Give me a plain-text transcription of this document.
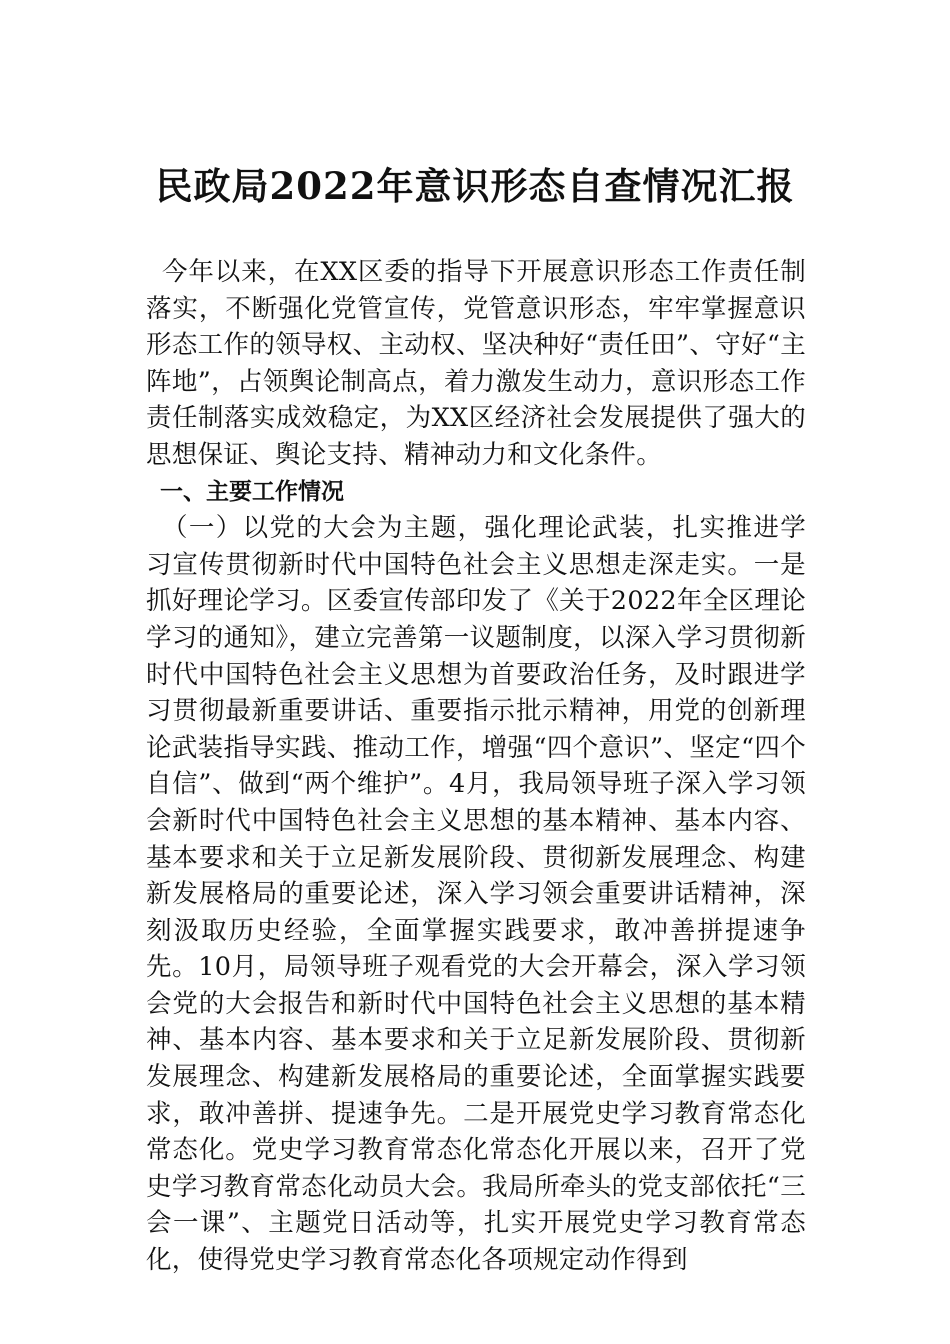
民政局2022年意识形态自查情况汇报

今年以来，在XX区委的指导下开展意识形态工作责任制落实，不断强化党管宣传，党管意识形态，牢牢掌握意识形态工作的领导权、主动权、坚决种好“责任田”、守好“主阵地”，占领舆论制高点，着力激发生动力，意识形态工作责任制落实成效稳定，为XX区经济社会发展提供了强大的思想保证、舆论支持、精神动力和文化条件。

一、主要工作情况

（一）以党的大会为主题，强化理论武装，扎实推进学习宣传贯彻新时代中国特色社会主义思想走深走实。一是抓好理论学习。区委宣传部印发了《关于2022年全区理论学习的通知》，建立完善第一议题制度，以深入学习贯彻新时代中国特色社会主义思想为首要政治任务，及时跟进学习贯彻最新重要讲话、重要指示批示精神，用党的创新理论武装指导实践、推动工作，增强“四个意识”、坚定“四个自信”、做到“两个维护”。4月，我局领导班子深入学习领会新时代中国特色社会主义思想的基本精神、基本内容、基本要求和关于立足新发展阶段、贯彻新发展理念、构建新发展格局的重要论述，深入学习领会重要讲话精神，深刻汲取历史经验，全面掌握实践要求，敢冲善拼提速争先。10月，局领导班子观看党的大会开幕会，深入学习领会党的大会报告和新时代中国特色社会主义思想的基本精神、基本内容、基本要求和关于立足新发展阶段、贯彻新发展理念、构建新发展格局的重要论述，全面掌握实践要求，敢冲善拼、提速争先。二是开展党史学习教育常态化常态化。党史学习教育常态化常态化开展以来，召开了党史学习教育常态化动员大会。我局所牵头的党支部依托“三会一课”、主题党日活动等，扎实开展党史学习教育常态化，使得党史学习教育常态化各项规定动作得到
